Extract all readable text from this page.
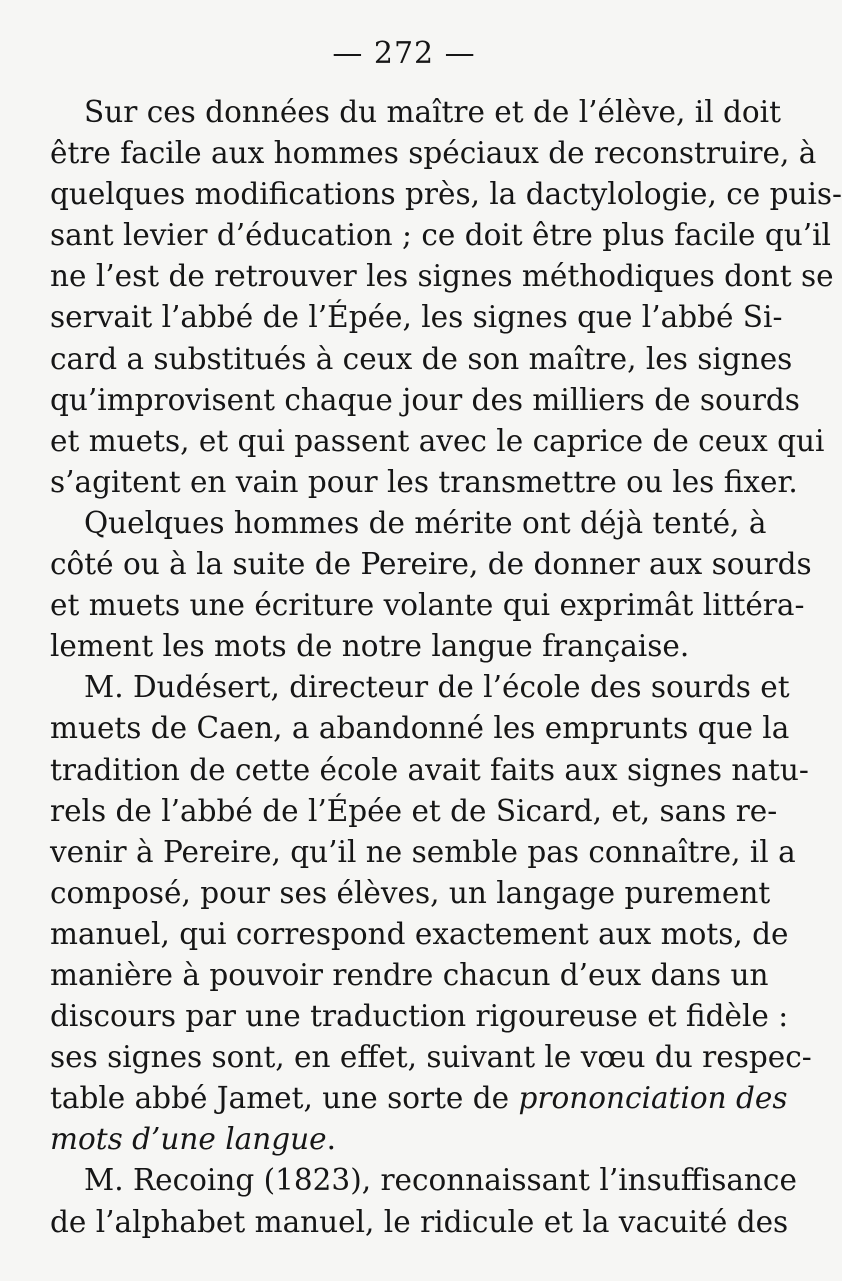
— 272 —
Sur ces données du maître et de l’élève, il doit
être facile aux hommes spéciaux de reconstruire, à
quelques modifications près, la dactylologie, ce puis-
sant levier d’éducation ; ce doit être plus facile qu’il
ne l’est de retrouver les signes méthodiques dont se
servait l’abbé de l’Épée, les signes que l’abbé Si-
card a substitués à ceux de son maître, les signes
qu’improvisent chaque jour des milliers de sourds
et muets, et qui passent avec le caprice de ceux qui
s’agitent en vain pour les transmettre ou les fixer.
Quelques hommes de mérite ont déjà tenté, à
côté ou à la suite de Pereire, de donner aux sourds
et muets une écriture volante qui exprimât littéra-
lement les mots de notre langue française.
M. Dudésert, directeur de l’école des sourds et
muets de Caen, a abandonné les emprunts que la
tradition de cette école avait faits aux signes natu-
rels de l’abbé de l’Épée et de Sicard, et, sans re-
venir à Pereire, qu’il ne semble pas connaître, il a
composé, pour ses élèves, un langage purement
manuel, qui correspond exactement aux mots, de
manière à pouvoir rendre chacun d’eux dans un
discours par une traduction rigoureuse et fidèle :
ses signes sont, en effet, suivant le vœu du respec-
table abbé Jamet, une sorte de prononciation des
mots d’une langue.
M. Recoing (1823), reconnaissant l’insuffisance
de l’alphabet manuel, le ridicule et la vacuité des
